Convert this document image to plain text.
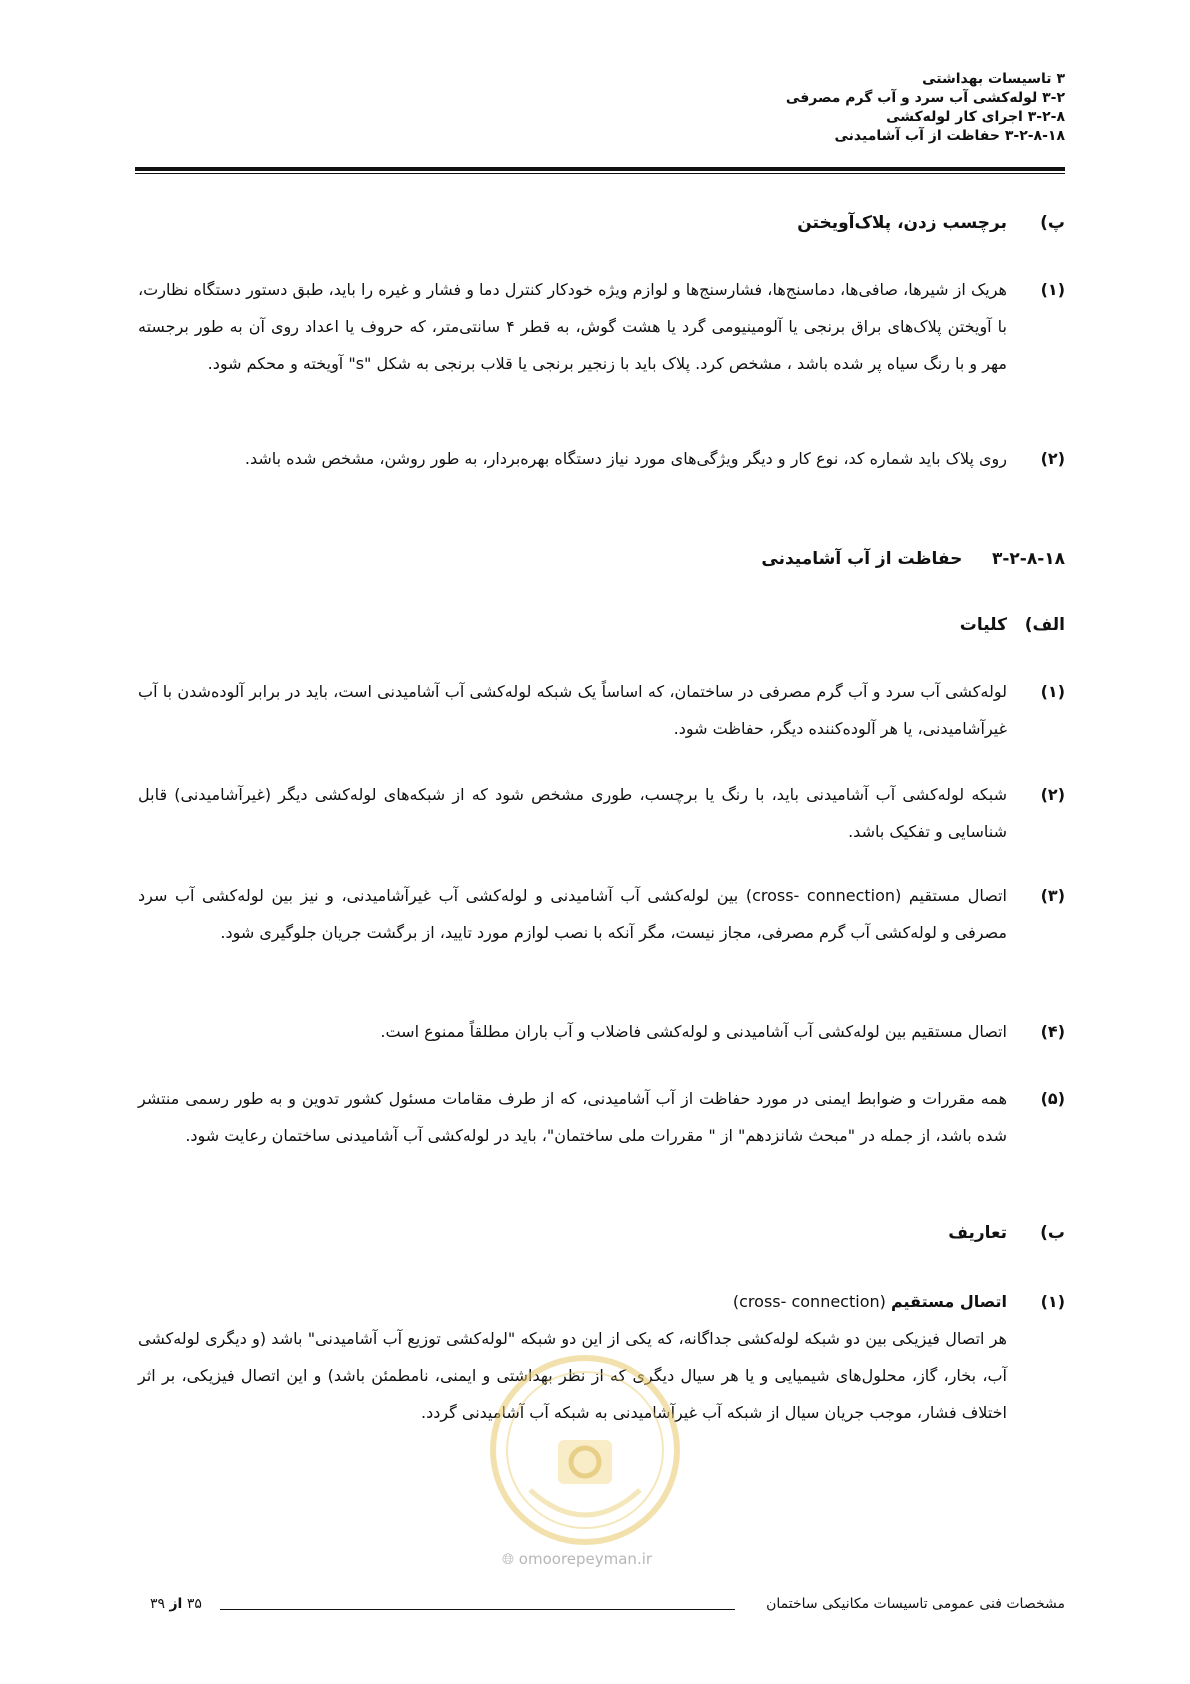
۳ تاسیسات بهداشتی
۳-۲ لوله‌کشی آب سرد و آب گرم مصرفی
۳-۲-۸ اجرای کار لوله‌کشی
۳-۲-۸-۱۸ حفاظت از آب آشامیدنی
پ)
برچسب زدن، پلاک‌آویختن
(۱)
هریک از شیرها، صافی‌ها، دماسنج‌ها، فشارسنج‌ها و لوازم ویژه خودکار کنترل دما و فشار و غیره را باید، طبق دستور دستگاه نظارت، با آویختن پلاک‌های براق برنجی یا آلومینیومی گرد یا هشت گوش، به قطر ۴ سانتی‌متر، که حروف یا اعداد روی آن به طور برجسته مهر و با رنگ سیاه پر شده باشد ، مشخص کرد. پلاک باید با زنجیر برنجی یا قلاب برنجی به شکل "s" آویخته و محکم شود.
(۲)
روی پلاک باید شماره کد، نوع کار و دیگر ویژگی‌های مورد نیاز دستگاه بهره‌بردار، به طور روشن، مشخص شده باشد.
۳-۲-۸-۱۸     حفاظت از آب آشامیدنی
الف)
کلیات
(۱)
لوله‌کشی آب سرد و آب گرم مصرفی در ساختمان، که اساساً یک شبکه لوله‌کشی آب آشامیدنی است، باید در برابر آلوده‌شدن با آب غیرآشامیدنی، یا هر آلوده‌کننده دیگر، حفاظت شود.
(۲)
شبکه لوله‌کشی آب آشامیدنی باید، با رنگ یا برچسب، طوری مشخص شود که از شبکه‌های لوله‌کشی دیگر (غیرآشامیدنی) قابل شناسایی و تفکیک باشد.
(۳)
اتصال مستقیم (cross- connection) بین لوله‌کشی آب آشامیدنی و لوله‌کشی آب غیرآشامیدنی، و نیز بین لوله‌کشی آب سرد مصرفی و لوله‌کشی آب گرم مصرفی، مجاز نیست، مگر آنکه با نصب لوازم مورد تایید، از برگشت جریان جلوگیری شود.
(۴)
اتصال مستقیم بین لوله‌کشی آب آشامیدنی و لوله‌کشی فاضلاب و آب باران مطلقاً ممنوع است.
(۵)
همه مقررات و ضوابط ایمنی در مورد حفاظت از آب آشامیدنی، که از طرف مقامات مسئول کشور تدوین و به طور رسمی منتشر شده باشد، از جمله در "مبحث شانزدهم" از " مقررات ملی ساختمان"، باید در لوله‌کشی آب آشامیدنی ساختمان رعایت شود.
ب)
تعاریف
(۱)
اتصال مستقیم (cross- connection)
هر اتصال فیزیکی بین دو شبکه لوله‌کشی جداگانه، که یکی از این دو شبکه "لوله‌کشی توزیع آب آشامیدنی" باشد (و دیگری لوله‌کشی آب، بخار، گاز، محلول‌های شیمیایی و یا هر سیال دیگری که از نظر بهداشتی و ایمنی، نامطمئن باشد) و این اتصال فیزیکی، بر اثر اختلاف فشار، موجب جریان سیال از شبکه آب غیرآشامیدنی به شبکه آب آشامیدنی گردد.
🌐︎ omoorepeyman.ir
مشخصات فنی عمومی تاسیسات مکانیکی ساختمان
۳۵ از ۳۹
